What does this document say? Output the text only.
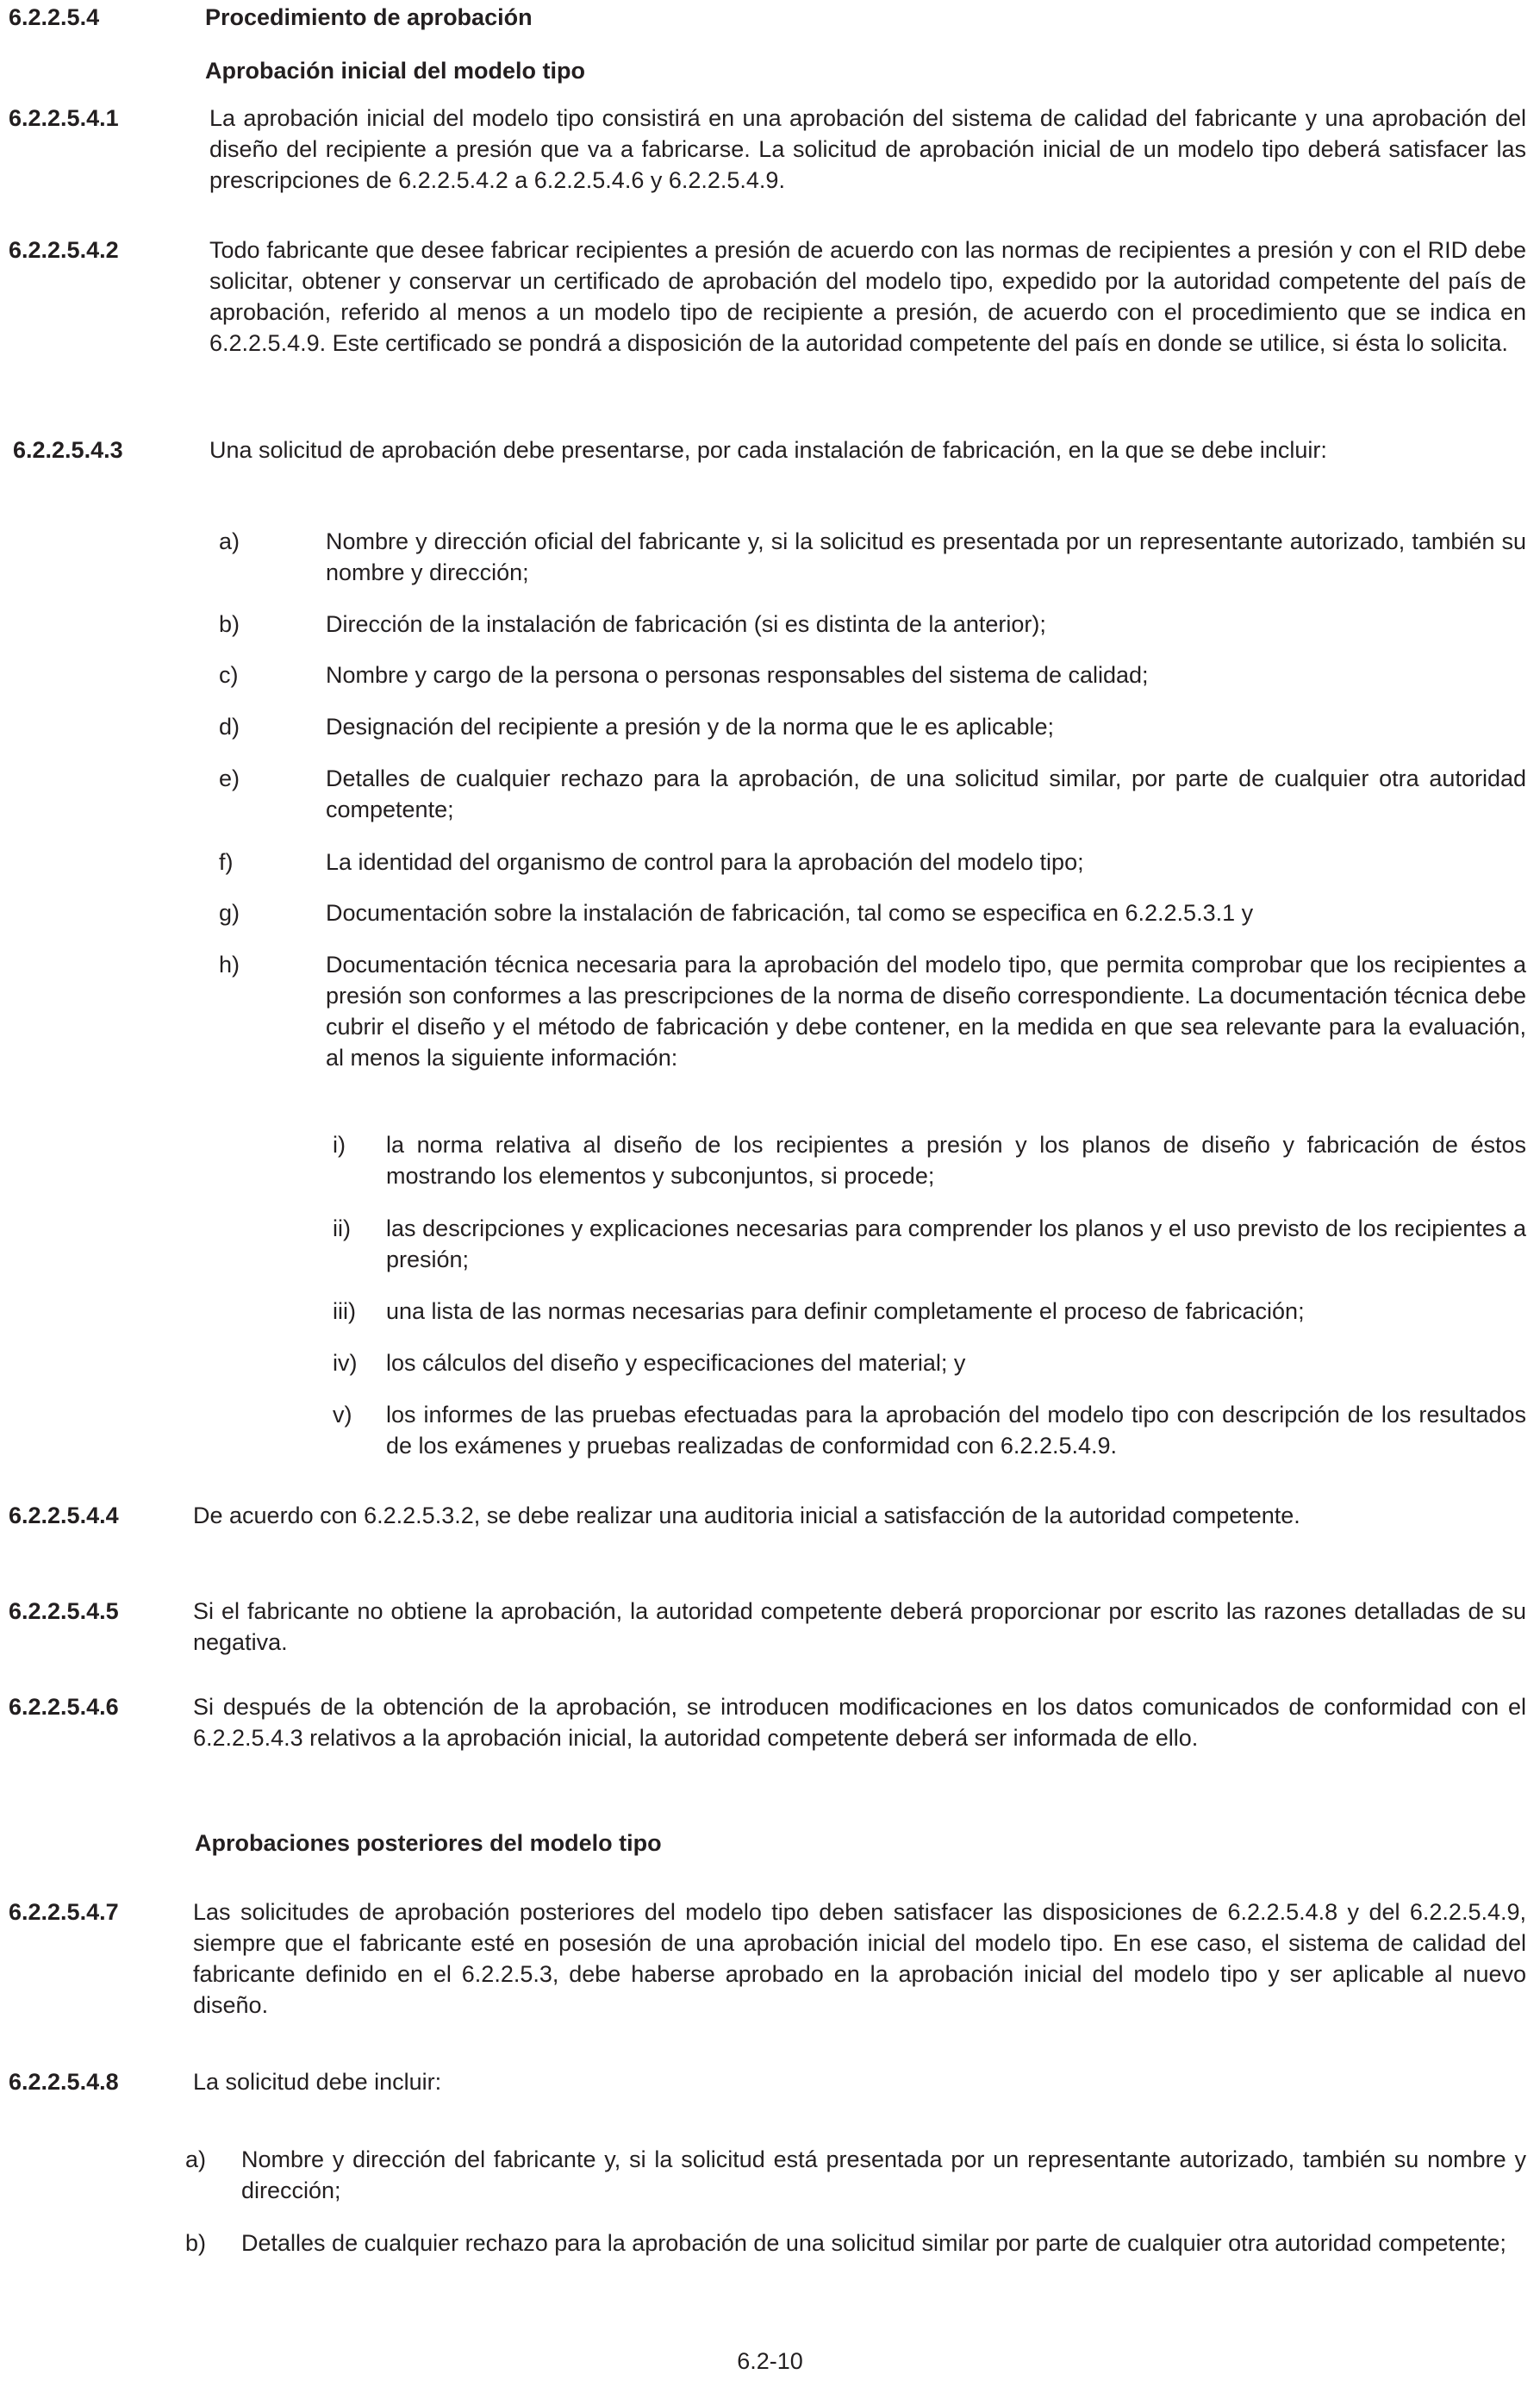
6.2.2.5.4	Procedimiento de aprobación
Aprobación inicial del modelo tipo
6.2.2.5.4.1	La aprobación inicial del modelo tipo consistirá en una aprobación del sistema de calidad del fabricante y una aprobación del diseño del recipiente a presión que va a fabricarse. La solicitud de aprobación inicial de un modelo tipo deberá satisfacer las prescripciones de 6.2.2.5.4.2 a 6.2.2.5.4.6 y 6.2.2.5.4.9.
6.2.2.5.4.2	Todo fabricante que desee fabricar recipientes a presión de acuerdo con las normas de recipientes a presión y con el RID debe solicitar, obtener y conservar un certificado de aprobación del modelo tipo, expedido por la autoridad competente del país de aprobación, referido al menos a un modelo tipo de recipiente a presión, de acuerdo con el procedimiento que se indica en 6.2.2.5.4.9. Este certificado se pondrá a disposición de la autoridad competente del país en donde se utilice, si ésta lo solicita.
6.2.2.5.4.3	Una solicitud de aprobación debe presentarse, por cada instalación de fabricación, en la que se debe incluir:
a)	Nombre y dirección oficial del fabricante y, si la solicitud es presentada por un representante autorizado, también su nombre y dirección;
b)	Dirección de la instalación de fabricación (si es distinta de la anterior);
c)	Nombre y cargo de la persona o personas responsables del sistema de calidad;
d)	Designación del recipiente a presión y de la norma que le es aplicable;
e)	Detalles de cualquier rechazo para la aprobación, de una solicitud similar, por parte de cualquier otra autoridad competente;
f)	La identidad del organismo de control para la aprobación del modelo tipo;
g)	Documentación sobre la instalación de fabricación, tal como se especifica en 6.2.2.5.3.1 y
h)	Documentación técnica necesaria para la aprobación del modelo tipo, que permita comprobar que los recipientes a presión son conformes a las prescripciones de la norma de diseño correspondiente. La documentación técnica debe cubrir el diseño y el método de fabricación y debe contener, en la medida en que sea relevante para la evaluación, al menos la siguiente información:
i) la norma relativa al diseño de los recipientes a presión y los planos de diseño y fabricación de éstos mostrando los elementos y subconjuntos, si procede;
ii) las descripciones y explicaciones necesarias para comprender los planos y el uso previsto de los recipientes a presión;
iii) una lista de las normas necesarias para definir completamente el proceso de fabricación;
iv) los cálculos del diseño y especificaciones del material; y
v) los informes de las pruebas efectuadas para la aprobación del modelo tipo con descripción de los resultados de los exámenes y pruebas realizadas de conformidad con 6.2.2.5.4.9.
6.2.2.5.4.4	De acuerdo con 6.2.2.5.3.2, se debe realizar una auditoria inicial a satisfacción de la autoridad competente.
6.2.2.5.4.5	Si el fabricante no obtiene la aprobación, la autoridad competente deberá proporcionar por escrito las razones detalladas de su negativa.
6.2.2.5.4.6	Si después de la obtención de la aprobación, se introducen modificaciones en los datos comunicados de conformidad con el 6.2.2.5.4.3 relativos a la aprobación inicial, la autoridad competente deberá ser informada de ello.
Aprobaciones posteriores del modelo tipo
6.2.2.5.4.7	Las solicitudes de aprobación posteriores del modelo tipo deben satisfacer las disposiciones de 6.2.2.5.4.8 y del 6.2.2.5.4.9, siempre que el fabricante esté en posesión de una aprobación inicial del modelo tipo. En ese caso, el sistema de calidad del fabricante definido en el 6.2.2.5.3, debe haberse aprobado en la aprobación inicial del modelo tipo y ser aplicable al nuevo diseño.
6.2.2.5.4.8	La solicitud debe incluir:
a) Nombre y dirección del fabricante y, si la solicitud está presentada por un representante autorizado, también su nombre y dirección;
b) Detalles de cualquier rechazo para la aprobación de una solicitud similar por parte de cualquier otra autoridad competente;
6.2-10
